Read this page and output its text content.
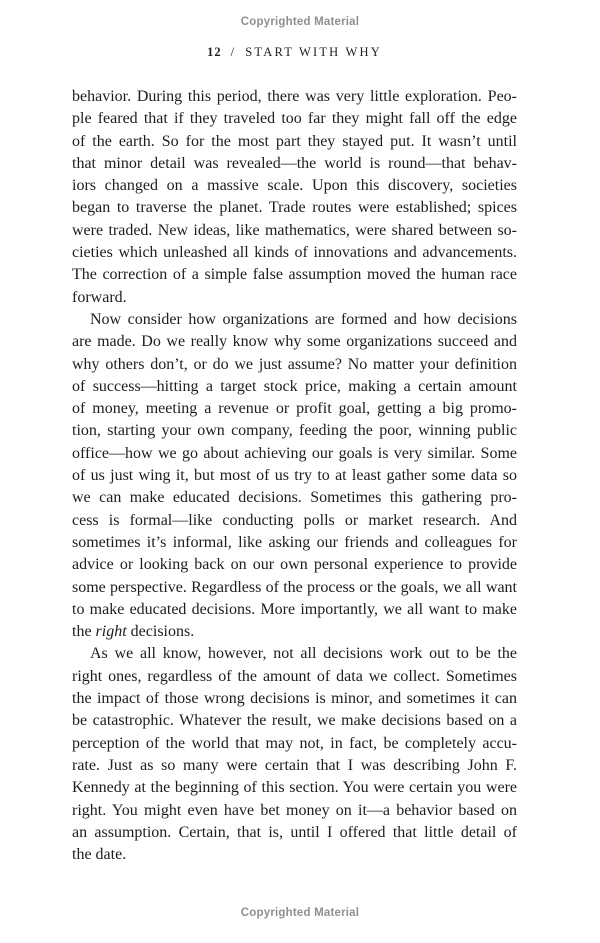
Copyrighted Material
12 / START WITH WHY
behavior. During this period, there was very little exploration. Peo-
ple feared that if they traveled too far they might fall off the edge
of the earth. So for the most part they stayed put. It wasn’t until
that minor detail was revealed—the world is round—that behav-
iors changed on a massive scale. Upon this discovery, societies
began to traverse the planet. Trade routes were established; spices
were traded. New ideas, like mathematics, were shared between so-
cieties which unleashed all kinds of innovations and advancements.
The correction of a simple false assumption moved the human race
forward.
Now consider how organizations are formed and how decisions
are made. Do we really know why some organizations succeed and
why others don’t, or do we just assume? No matter your definition
of success—hitting a target stock price, making a certain amount
of money, meeting a revenue or profit goal, getting a big promo-
tion, starting your own company, feeding the poor, winning public
office—how we go about achieving our goals is very similar. Some
of us just wing it, but most of us try to at least gather some data so
we can make educated decisions. Sometimes this gathering pro-
cess is formal—like conducting polls or market research. And
sometimes it’s informal, like asking our friends and colleagues for
advice or looking back on our own personal experience to provide
some perspective. Regardless of the process or the goals, we all want
to make educated decisions. More importantly, we all want to make
the right decisions.
As we all know, however, not all decisions work out to be the
right ones, regardless of the amount of data we collect. Sometimes
the impact of those wrong decisions is minor, and sometimes it can
be catastrophic. Whatever the result, we make decisions based on a
perception of the world that may not, in fact, be completely accu-
rate. Just as so many were certain that I was describing John F.
Kennedy at the beginning of this section. You were certain you were
right. You might even have bet money on it—a behavior based on
an assumption. Certain, that is, until I offered that little detail of
the date.
Copyrighted Material
